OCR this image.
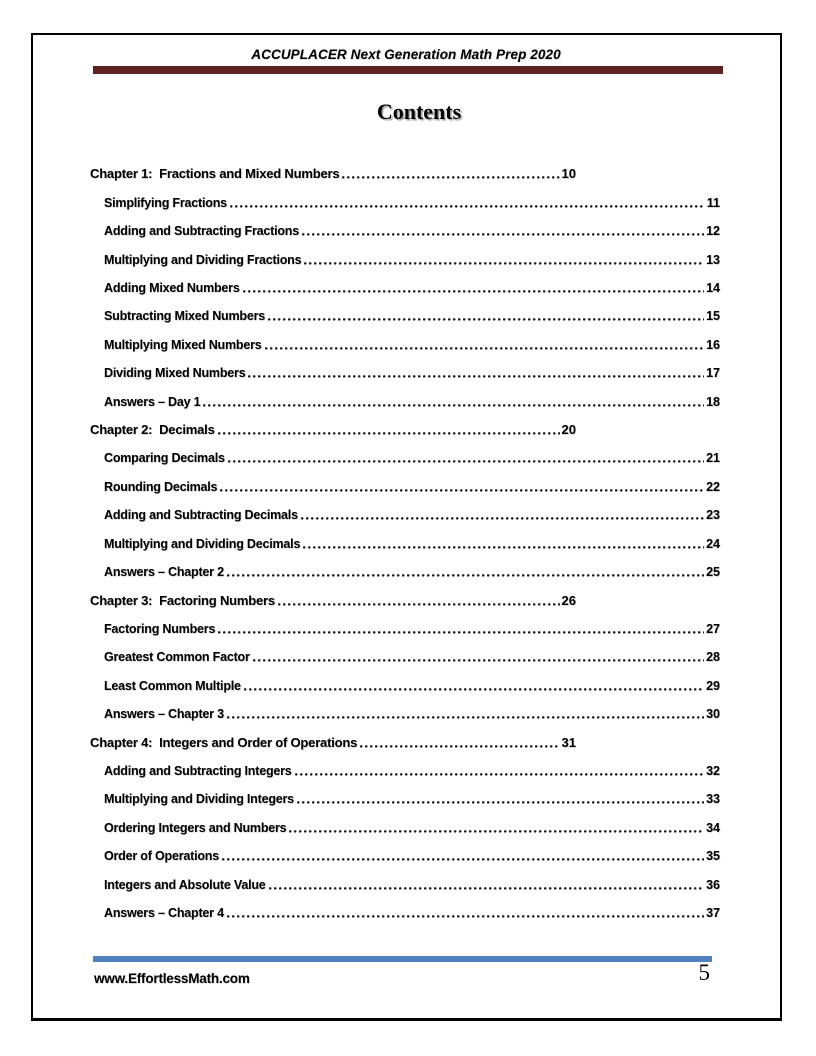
ACCUPLACER Next Generation Math Prep 2020
Contents
Chapter 1:  Fractions and Mixed Numbers	10
Simplifying Fractions	11
Adding and Subtracting Fractions	12
Multiplying and Dividing Fractions	13
Adding Mixed Numbers	14
Subtracting Mixed Numbers	15
Multiplying Mixed Numbers	16
Dividing Mixed Numbers	17
Answers – Day 1	18
Chapter 2:  Decimals	20
Comparing Decimals	21
Rounding Decimals	22
Adding and Subtracting Decimals	23
Multiplying and Dividing Decimals	24
Answers – Chapter 2	25
Chapter 3:  Factoring Numbers	26
Factoring Numbers	27
Greatest Common Factor	28
Least Common Multiple	29
Answers – Chapter 3	30
Chapter 4:  Integers and Order of Operations	31
Adding and Subtracting Integers	32
Multiplying and Dividing Integers	33
Ordering Integers and Numbers	34
Order of Operations	35
Integers and Absolute Value	36
Answers – Chapter 4	37
www.EffortlessMath.com	5
